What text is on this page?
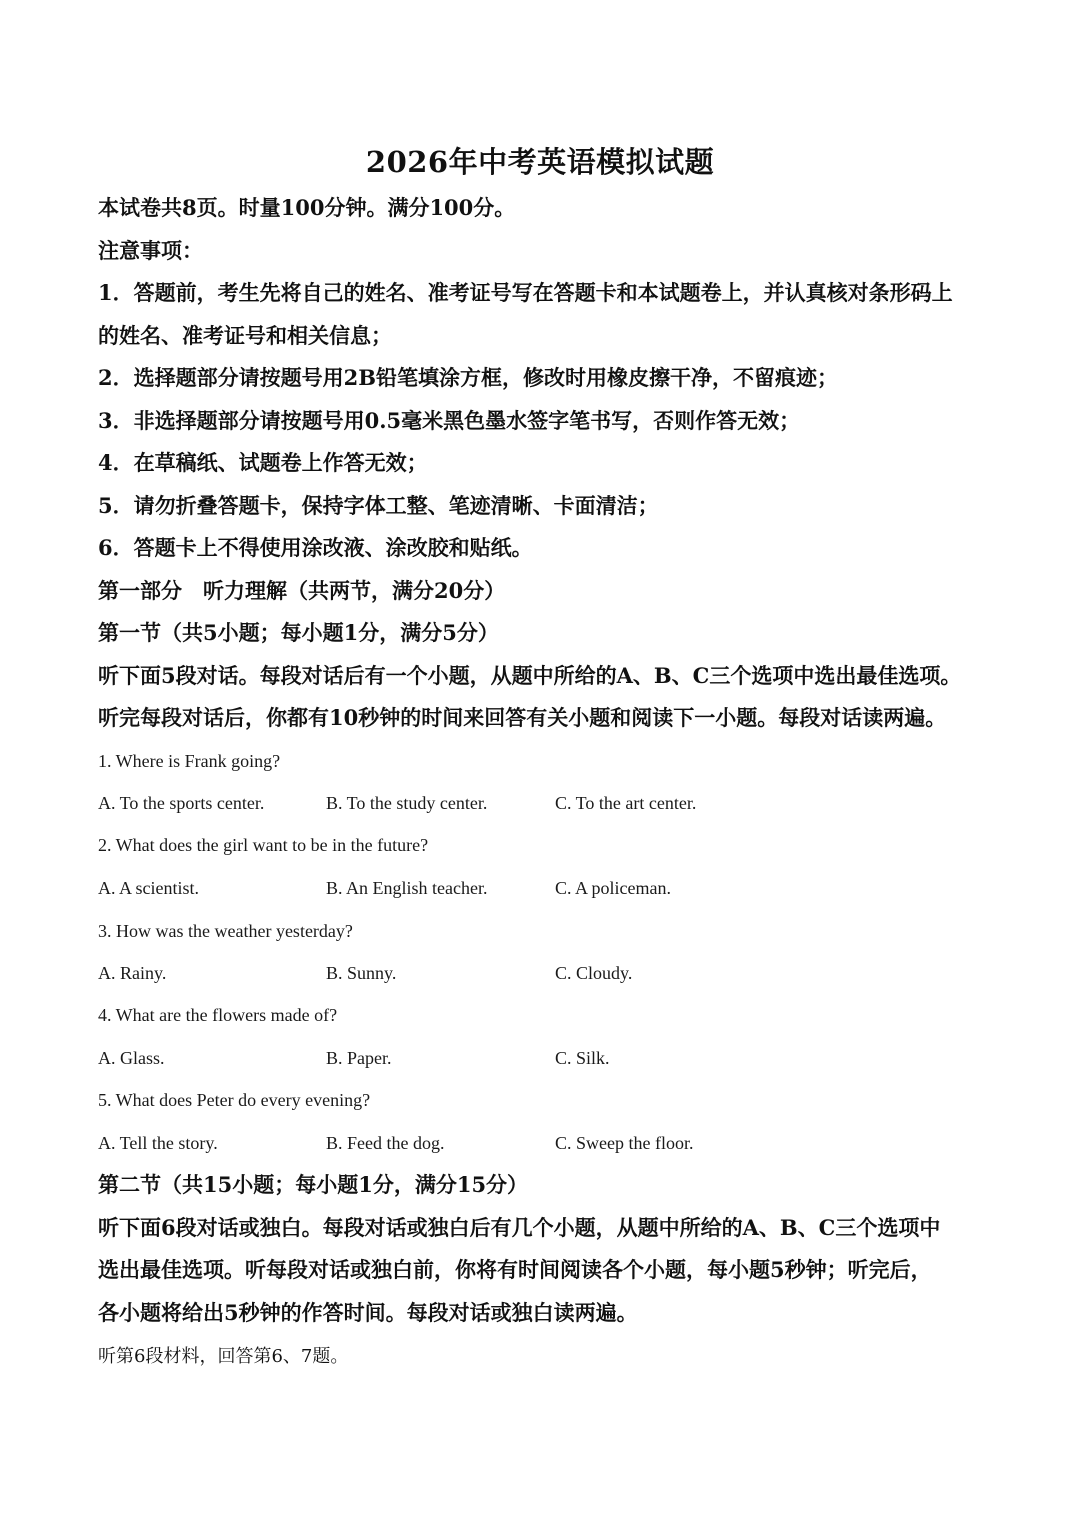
2026年中考英语模拟试题
本试卷共8页。时量100分钟。满分100分。
注意事项：
1．答题前，考生先将自己的姓名、准考证号写在答题卡和本试题卷上，并认真核对条形码上
的姓名、准考证号和相关信息；
2．选择题部分请按题号用2B铅笔填涂方框，修改时用橡皮擦干净，不留痕迹；
3．非选择题部分请按题号用0.5毫米黑色墨水签字笔书写，否则作答无效；
4．在草稿纸、试题卷上作答无效；
5．请勿折叠答题卡，保持字体工整、笔迹清晰、卡面清洁；
6．答题卡上不得使用涂改液、涂改胶和贴纸。
第一部分　听力理解（共两节，满分20分）
第一节（共5小题；每小题1分，满分5分）
听下面5段对话。每段对话后有一个小题，从题中所给的A、B、C三个选项中选出最佳选项。
听完每段对话后，你都有10秒钟的时间来回答有关小题和阅读下一小题。每段对话读两遍。
1. Where is Frank going?
A. To the sports center.	B. To the study center.	C. To the art center.
2. What does the girl want to be in the future?
A. A scientist.	B. An English teacher.	C. A policeman.
3. How was the weather yesterday?
A. Rainy.	B. Sunny.	C. Cloudy.
4. What are the flowers made of?
A. Glass.	B. Paper.	C. Silk.
5. What does Peter do every evening?
A. Tell the story.	B. Feed the dog.	C. Sweep the floor.
第二节（共15小题；每小题1分，满分15分）
听下面6段对话或独白。每段对话或独白后有几个小题，从题中所给的A、B、C三个选项中
选出最佳选项。听每段对话或独白前，你将有时间阅读各个小题，每小题5秒钟；听完后，
各小题将给出5秒钟的作答时间。每段对话或独白读两遍。
听第6段材料，回答第6、7题。
